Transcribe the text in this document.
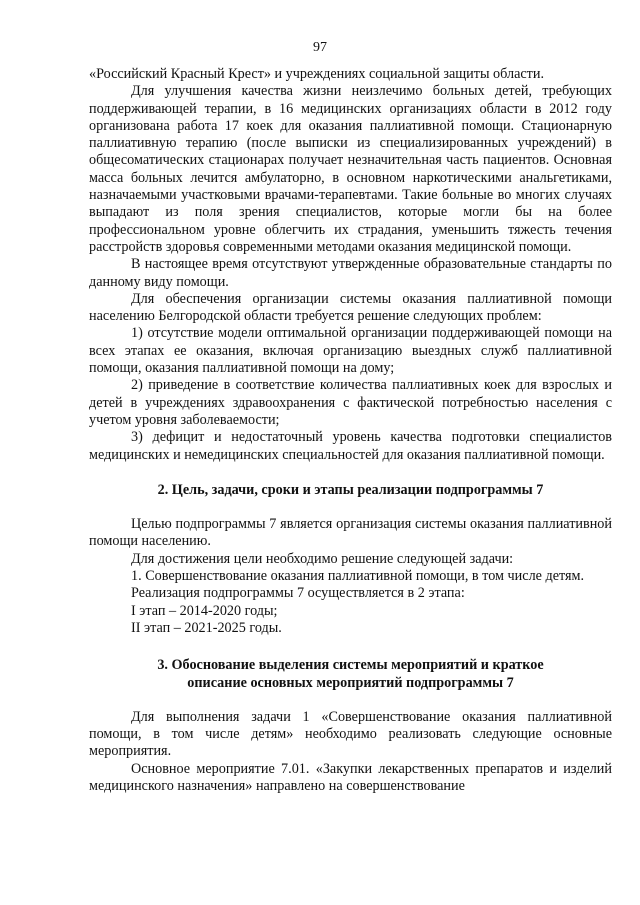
97

«Российский Красный Крест» и учреждениях социальной защиты области.

Для улучшения качества жизни неизлечимо больных детей, требующих поддерживающей терапии, в 16 медицинских организациях области в 2012 году организована работа 17 коек для оказания паллиативной помощи. Стационарную паллиативную терапию (после выписки из специализированных учреждений) в общесоматических стационарах получает незначительная часть пациентов. Основная масса больных лечится амбулаторно, в основном наркотическими анальгетиками, назначаемыми участковыми врачами-терапевтами. Такие больные во многих случаях выпадают из поля зрения специалистов, которые могли бы на более профессиональном уровне облегчить их страдания, уменьшить тяжесть течения расстройств здоровья современными методами оказания медицинской помощи.

В настоящее время отсутствуют утвержденные образовательные стандарты по данному виду помощи.

Для обеспечения организации системы оказания паллиативной помощи населению Белгородской области требуется решение следующих проблем:

1) отсутствие модели оптимальной организации поддерживающей помощи на всех этапах ее оказания, включая организацию выездных служб паллиативной помощи, оказания паллиативной помощи на дому;

2) приведение в соответствие количества паллиативных коек для взрослых и детей в учреждениях здравоохранения с фактической потребностью населения с учетом уровня заболеваемости;

3) дефицит и недостаточный уровень качества подготовки специалистов медицинских и немедицинских специальностей для оказания паллиативной помощи.

2. Цель, задачи, сроки и этапы реализации подпрограммы 7

Целью подпрограммы 7 является организация системы оказания паллиативной помощи населению.

Для достижения цели необходимо решение следующей задачи:

1. Совершенствование оказания паллиативной помощи, в том числе детям.

Реализация подпрограммы 7 осуществляется в 2 этапа:

I этап – 2014-2020 годы;

II этап – 2021-2025 годы.

3. Обоснование выделения системы мероприятий и краткое
описание основных мероприятий подпрограммы 7

Для выполнения задачи 1 «Совершенствование оказания паллиативной помощи, в том числе детям» необходимо реализовать следующие основные мероприятия.

Основное мероприятие 7.01. «Закупки лекарственных препаратов и изделий медицинского назначения» направлено на совершенствование
